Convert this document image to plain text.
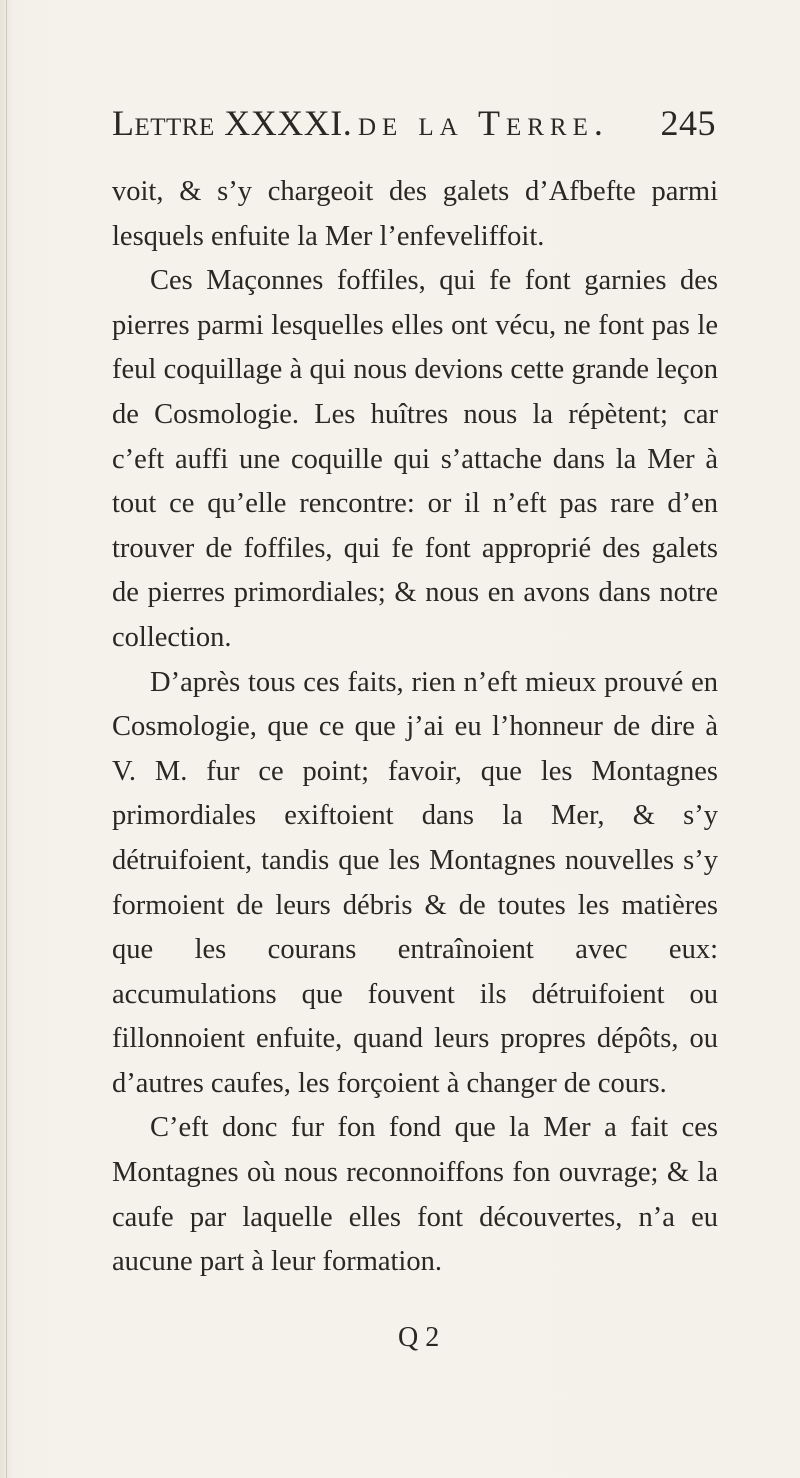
Lettre XXXXI. de la Terre. 245

voit, & s’y chargeoit des galets d’Afbefte parmi lesquels enfuite la Mer l’enfeveliffoit.

Ces Maçonnes foffiles, qui fe font garnies des pierres parmi lesquelles elles ont vécu, ne font pas le feul coquillage à qui nous devions cette grande leçon de Cosmologie. Les huîtres nous la répètent; car c’eft auffi une coquille qui s’attache dans la Mer à tout ce qu’elle rencontre: or il n’eft pas rare d’en trouver de foffiles, qui fe font approprié des galets de pierres primordiales; & nous en avons dans notre collection.

D’après tous ces faits, rien n’eft mieux prouvé en Cosmologie, que ce que j’ai eu l’honneur de dire à V. M. fur ce point; favoir, que les Montagnes primordiales exiftoient dans la Mer, & s’y détruifoient, tandis que les Montagnes nouvelles s’y formoient de leurs débris & de toutes les matières que les courans entraînoient avec eux: accumulations que fouvent ils détruifoient ou fillonnoient enfuite, quand leurs propres dépôts, ou d’autres caufes, les forçoient à changer de cours.

C’eft donc fur fon fond que la Mer a fait ces Montagnes où nous reconnoiffons fon ouvrage; & la caufe par laquelle elles font découvertes, n’a eu aucune part à leur formation.

Q 2
